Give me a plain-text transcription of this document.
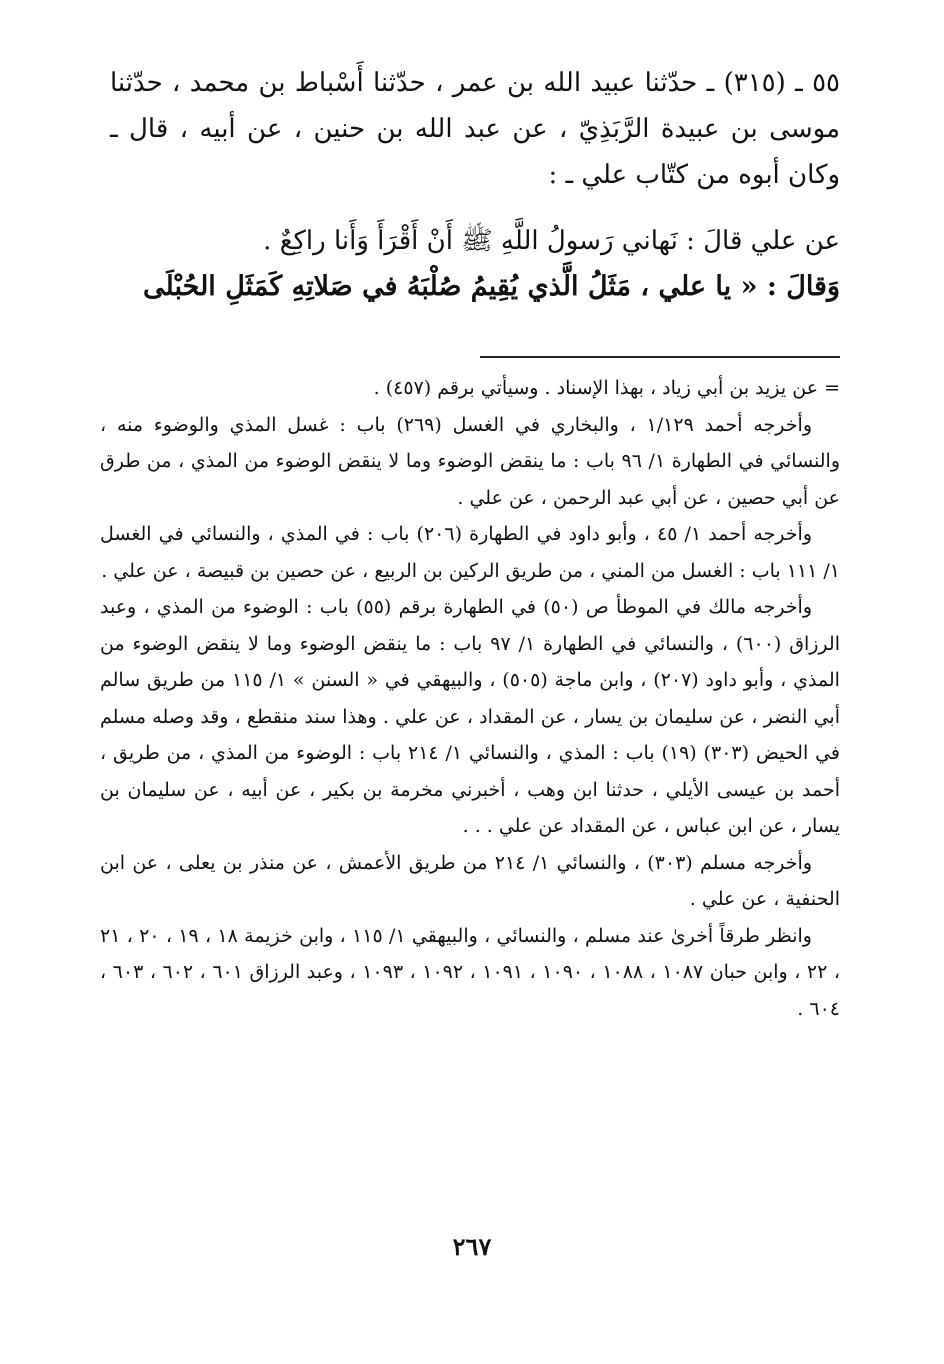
٥٥ ـ (٣١٥) ـ حدّثنا عبيد الله بن عمر ، حدّثنا أَسْباط بن محمد ، حدّثنا موسى بن عبيدة الرَّبَذِيّ ، عن عبد الله بن حنين ، عن أبيه ، قال ـ وكان أبوه من كتّاب علي ـ :

عن علي قالَ : نَهاني رَسولُ اللَّهِ ﷺ أَنْ أَقْرَأَ وَأَنا راكِعٌ .

وَقالَ : « يا علي ، مَثَلُ الَّذي يُقِيمُ صُلْبَهُ في صَلاتِهِ كَمَثَلِ الحُبْلَى

= عن يزيد بن أبي زياد ، بهذا الإسناد . وسيأتي برقم (٤٥٧) .

وأخرجه أحمد ١/١٢٩ ، والبخاري في الغسل (٢٦٩) باب : غسل المذي والوضوء منه ، والنسائي في الطهارة ١/ ٩٦ باب : ما ينقض الوضوء وما لا ينقض الوضوء من المذي ، من طرق عن أبي حصين ، عن أبي عبد الرحمن ، عن علي .

وأخرجه أحمد ١/ ٤٥ ، وأبو داود في الطهارة (٢٠٦) باب : في المذي ، والنسائي في الغسل ١/ ١١١ باب : الغسل من المني ، من طريق الركين بن الربيع ، عن حصين بن قبيصة ، عن علي .

وأخرجه مالك في الموطأ ص (٥٠) في الطهارة برقم (٥٥) باب : الوضوء من المذي ، وعبد الرزاق (٦٠٠) ، والنسائي في الطهارة ١/ ٩٧ باب : ما ينقض الوضوء وما لا ينقض الوضوء من المذي ، وأبو داود (٢٠٧) ، وابن ماجة (٥٠٥) ، والبيهقي في « السنن » ١/ ١١٥ من طريق سالم أبي النضر ، عن سليمان بن يسار ، عن المقداد ، عن علي . وهذا سند منقطع ، وقد وصله مسلم في الحيض (٣٠٣) (١٩) باب : المذي ، والنسائي ١/ ٢١٤ باب : الوضوء من المذي ، من طريق ، أحمد بن عيسى الأيلي ، حدثنا ابن وهب ، أخبرني مخرمة بن بكير ، عن أبيه ، عن سليمان بن يسار ، عن ابن عباس ، عن المقداد عن علي . . .

وأخرجه مسلم (٣٠٣) ، والنسائي ١/ ٢١٤ من طريق الأعمش ، عن منذر بن يعلى ، عن ابن الحنفية ، عن علي .

وانظر طرقاً أخرىٰ عند مسلم ، والنسائي ، والبيهقي ١/ ١١٥ ، وابن خزيمة ١٨ ، ١٩ ، ٢٠ ، ٢١ ، ٢٢ ، وابن حبان ١٠٨٧ ، ١٠٨٨ ، ١٠٩٠ ، ١٠٩١ ، ١٠٩٢ ، ١٠٩٣ ، وعبد الرزاق ٦٠١ ، ٦٠٢ ، ٦٠٣ ، ٦٠٤ .

٢٦٧
